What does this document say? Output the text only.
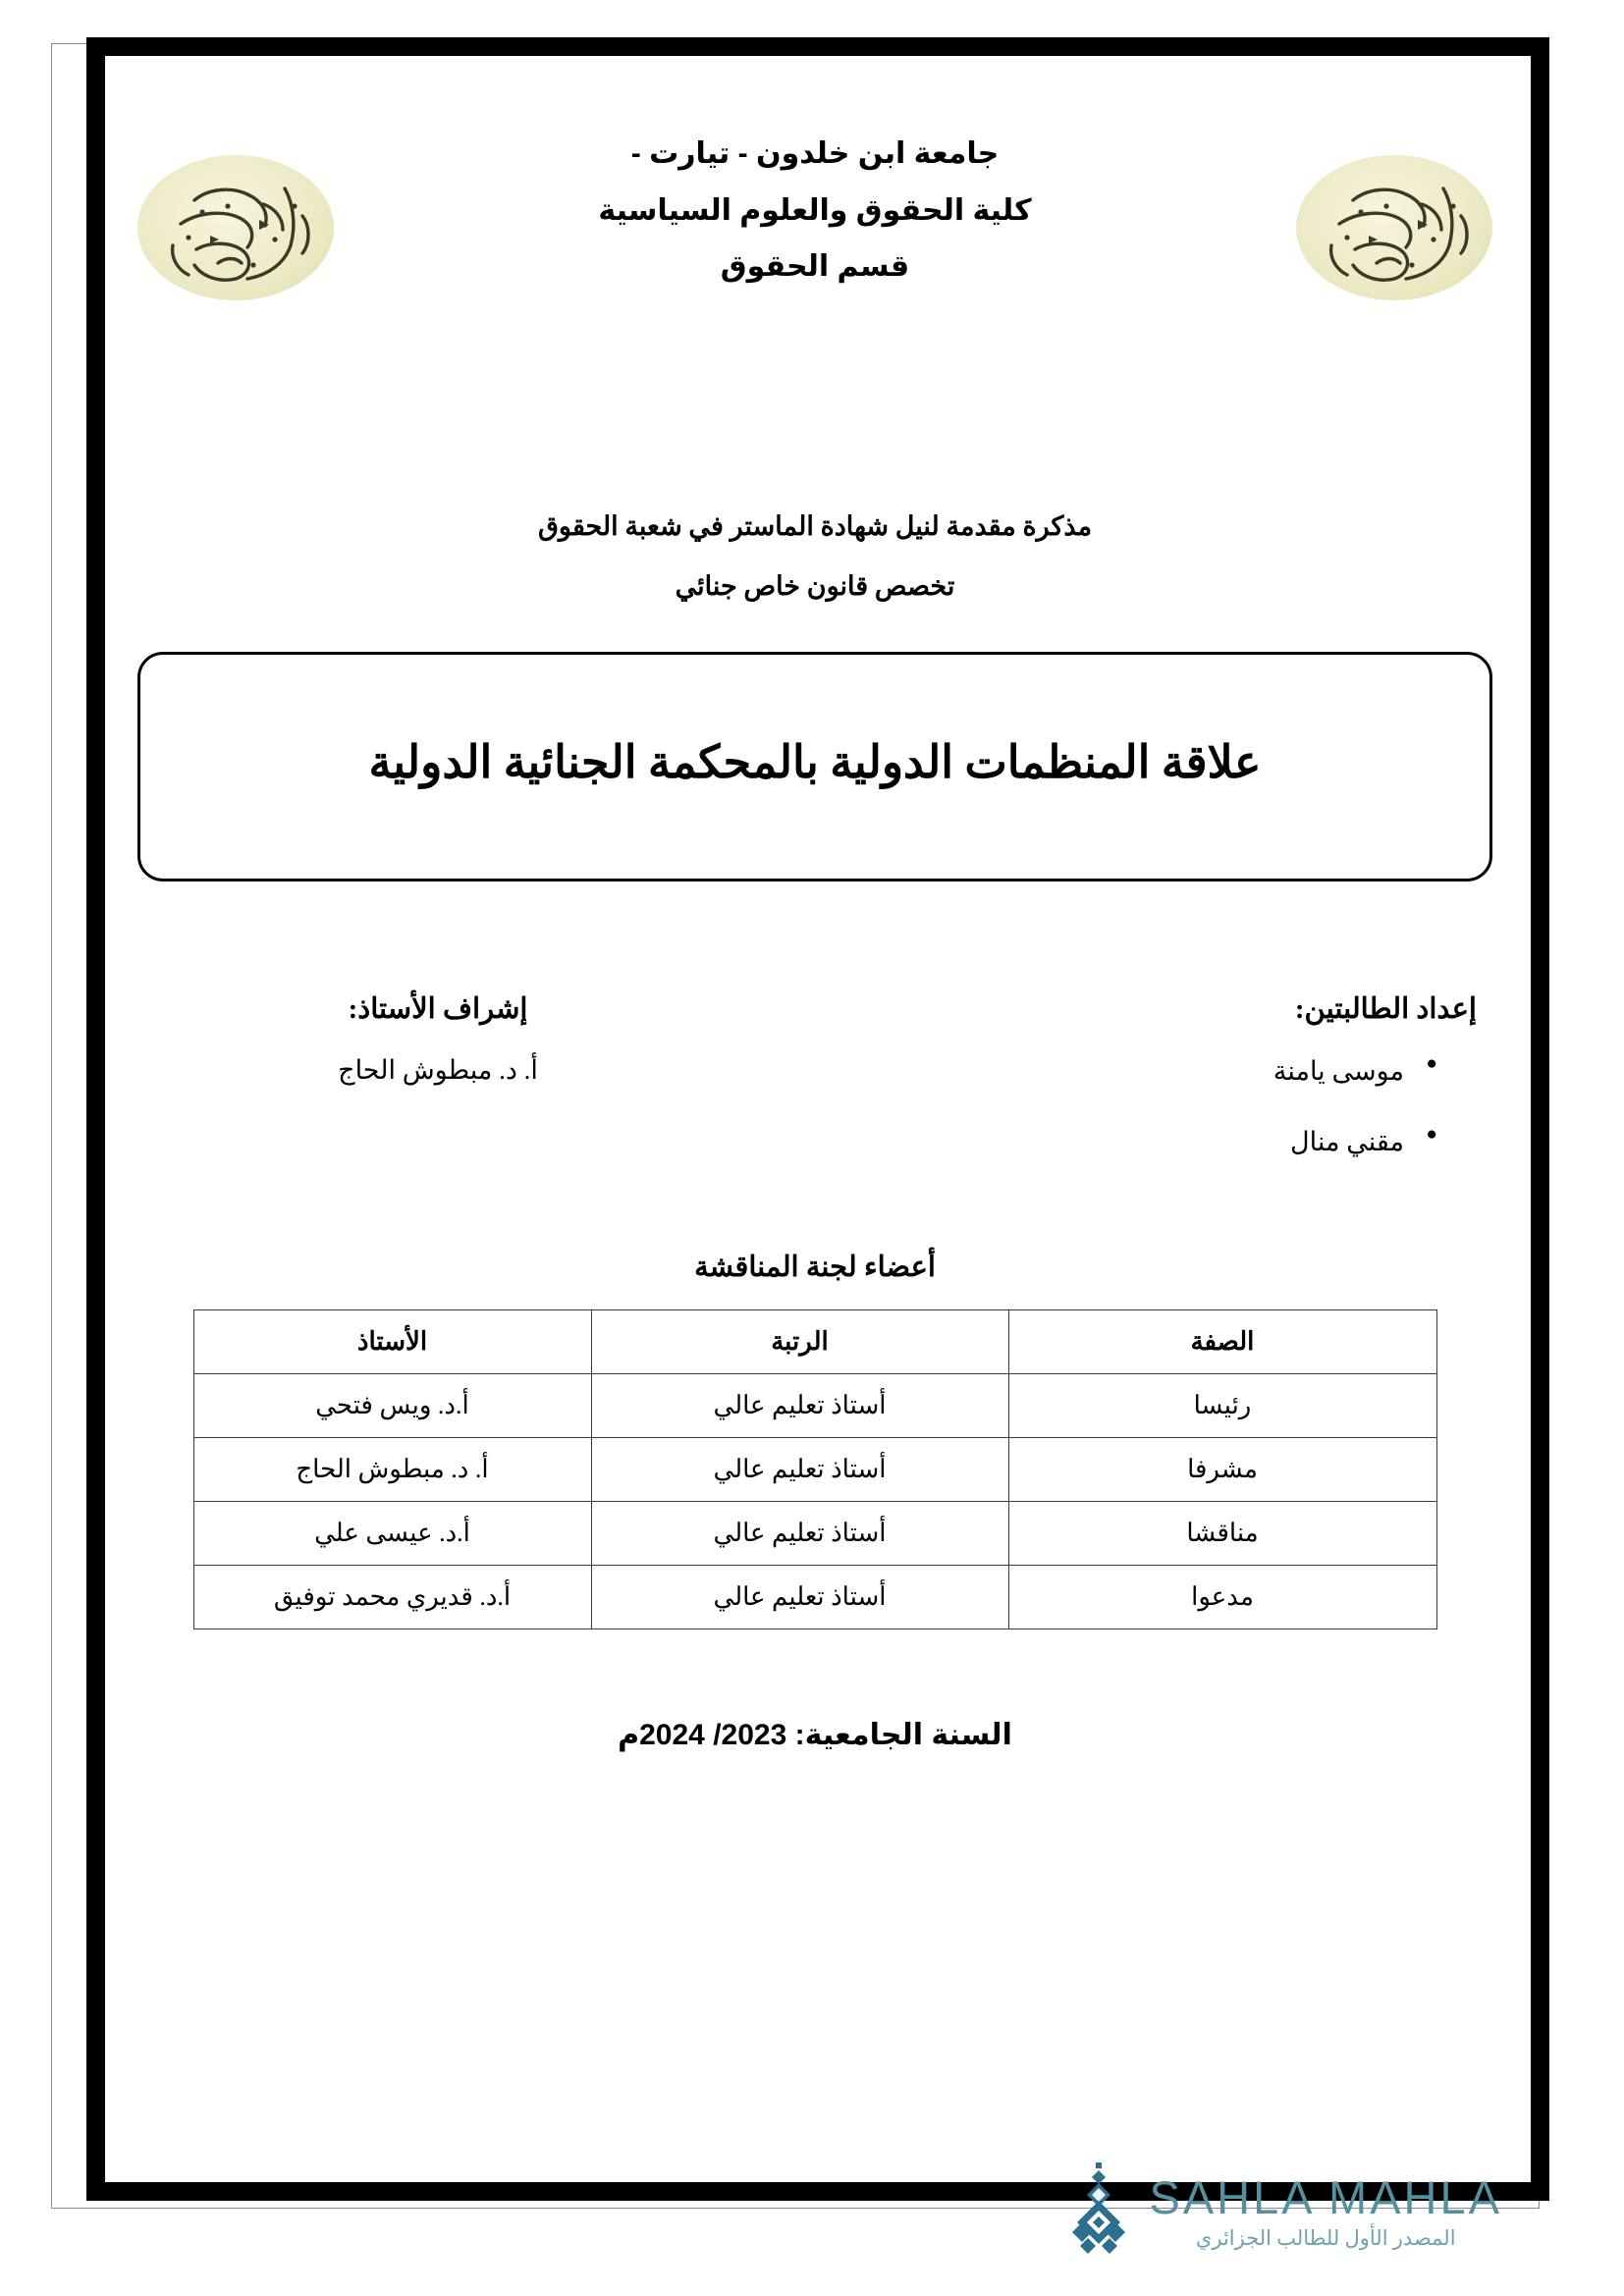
جامعة ابن خلدون - تيارت -
كلية الحقوق والعلوم السياسية
قسم الحقوق
مذكرة مقدمة لنيل شهادة الماستر في شعبة الحقوق
تخصص قانون خاص جنائي
علاقة المنظمات الدولية بالمحكمة الجنائية الدولية
إعداد الطالبتين:
● موسى يامنة
● مقني منال
إشراف الأستاذ:
أ. د. مبطوش الحاج
أعضاء لجنة المناقشة
الصفة	الرتبة	الأستاذ
رئيسا	أستاذ تعليم عالي	أ.د. ويس فتحي
مشرفا	أستاذ تعليم عالي	أ. د. مبطوش الحاج
مناقشا	أستاذ تعليم عالي	أ.د. عيسى علي
مدعوا	أستاذ تعليم عالي	أ.د. قديري محمد توفيق
السنة الجامعية: 2023/ 2024م
SAHLA MAHLA
المصدر الأول للطالب الجزائري
